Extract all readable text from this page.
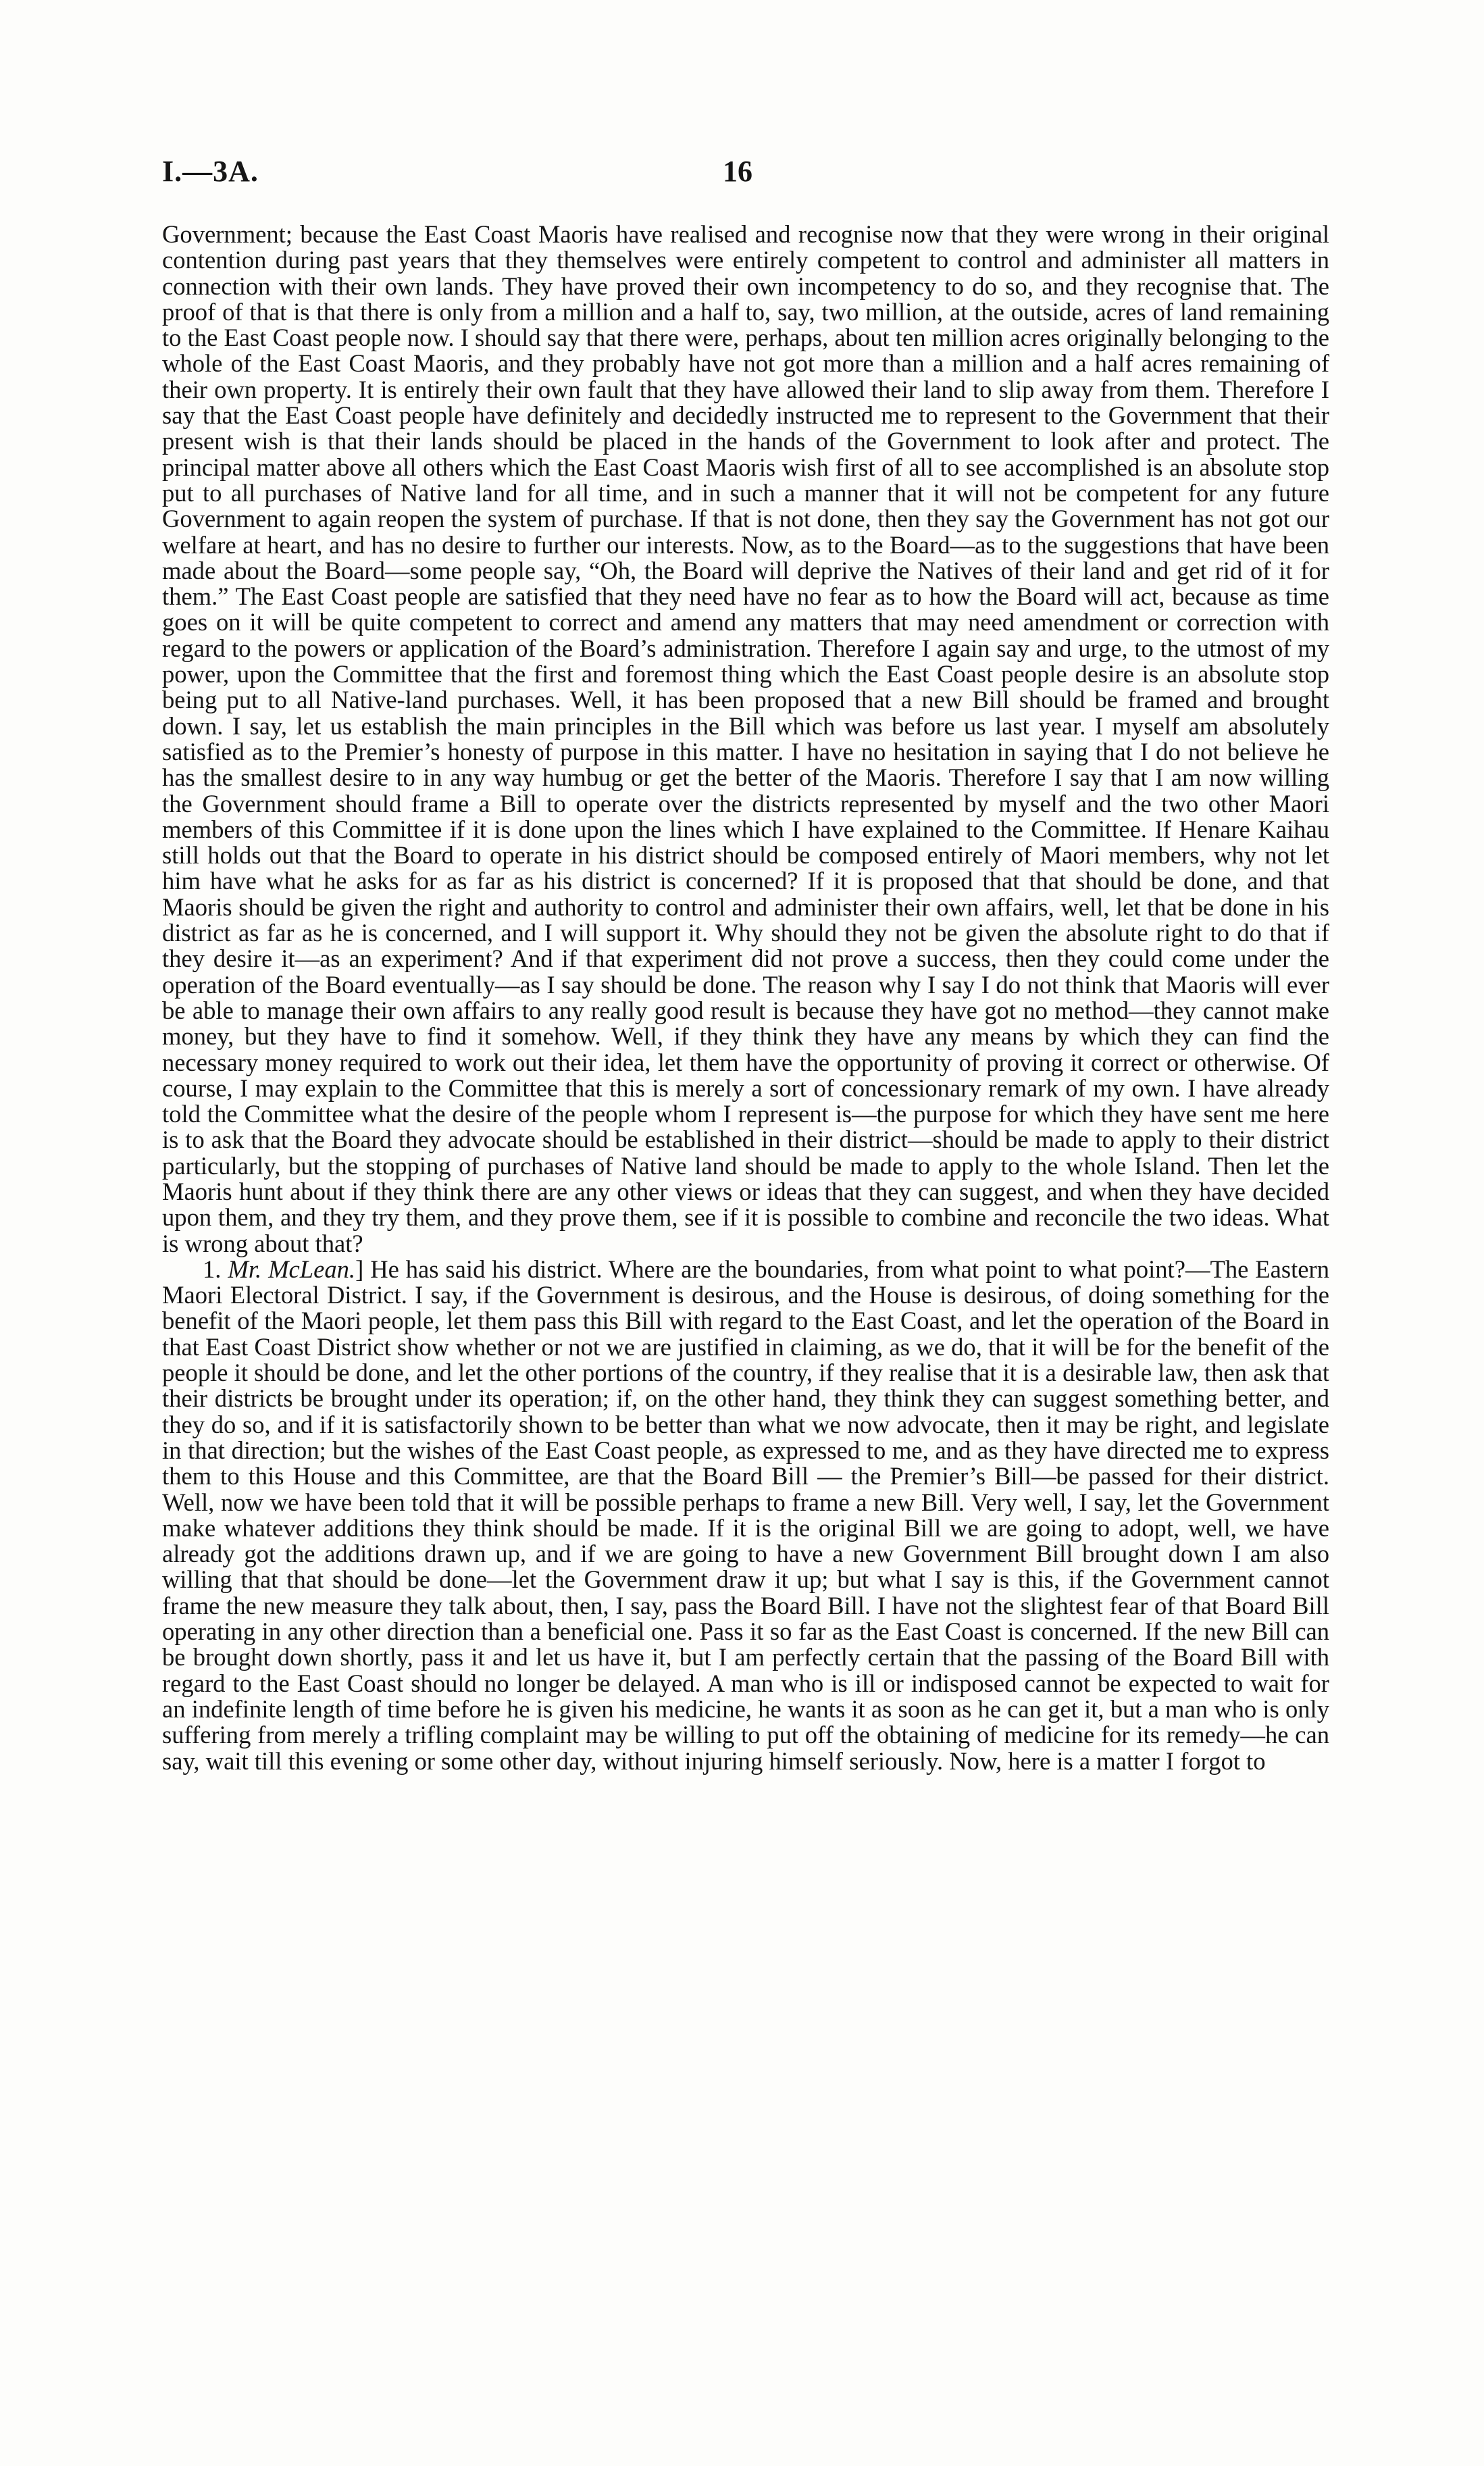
I.—3A.	16

Government; because the East Coast Maoris have realised and recognise now that they were wrong in their original contention during past years that they themselves were entirely competent to control and administer all matters in connection with their own lands. They have proved their own incompetency to do so, and they recognise that. The proof of that is that there is only from a million and a half to, say, two million, at the outside, acres of land remaining to the East Coast people now. I should say that there were, perhaps, about ten million acres originally belonging to the whole of the East Coast Maoris, and they probably have not got more than a million and a half acres remaining of their own property. It is entirely their own fault that they have allowed their land to slip away from them. Therefore I say that the East Coast people have definitely and decidedly instructed me to represent to the Government that their present wish is that their lands should be placed in the hands of the Government to look after and protect. The principal matter above all others which the East Coast Maoris wish first of all to see accomplished is an absolute stop put to all purchases of Native land for all time, and in such a manner that it will not be competent for any future Government to again reopen the system of purchase. If that is not done, then they say the Government has not got our welfare at heart, and has no desire to further our interests. Now, as to the Board—as to the suggestions that have been made about the Board—some people say, “Oh, the Board will deprive the Natives of their land and get rid of it for them.” The East Coast people are satisfied that they need have no fear as to how the Board will act, because as time goes on it will be quite competent to correct and amend any matters that may need amendment or correction with regard to the powers or application of the Board’s administration. Therefore I again say and urge, to the utmost of my power, upon the Committee that the first and foremost thing which the East Coast people desire is an absolute stop being put to all Native-land purchases. Well, it has been proposed that a new Bill should be framed and brought down. I say, let us establish the main principles in the Bill which was before us last year. I myself am absolutely satisfied as to the Premier’s honesty of purpose in this matter. I have no hesitation in saying that I do not believe he has the smallest desire to in any way humbug or get the better of the Maoris. Therefore I say that I am now willing the Government should frame a Bill to operate over the districts represented by myself and the two other Maori members of this Committee if it is done upon the lines which I have explained to the Committee. If Henare Kaihau still holds out that the Board to operate in his district should be composed entirely of Maori members, why not let him have what he asks for as far as his district is concerned? If it is proposed that that should be done, and that Maoris should be given the right and authority to control and administer their own affairs, well, let that be done in his district as far as he is concerned, and I will support it. Why should they not be given the absolute right to do that if they desire it—as an experiment? And if that experiment did not prove a success, then they could come under the operation of the Board eventually—as I say should be done. The reason why I say I do not think that Maoris will ever be able to manage their own affairs to any really good result is because they have got no method—they cannot make money, but they have to find it somehow. Well, if they think they have any means by which they can find the necessary money required to work out their idea, let them have the opportunity of proving it correct or otherwise. Of course, I may explain to the Committee that this is merely a sort of concessionary remark of my own. I have already told the Committee what the desire of the people whom I represent is—the purpose for which they have sent me here is to ask that the Board they advocate should be established in their district—should be made to apply to their district particularly, but the stopping of purchases of Native land should be made to apply to the whole Island. Then let the Maoris hunt about if they think there are any other views or ideas that they can suggest, and when they have decided upon them, and they try them, and they prove them, see if it is possible to combine and reconcile the two ideas. What is wrong about that?

1. Mr. McLean.] He has said his district. Where are the boundaries, from what point to what point?—The Eastern Maori Electoral District. I say, if the Government is desirous, and the House is desirous, of doing something for the benefit of the Maori people, let them pass this Bill with regard to the East Coast, and let the operation of the Board in that East Coast District show whether or not we are justified in claiming, as we do, that it will be for the benefit of the people it should be done, and let the other portions of the country, if they realise that it is a desirable law, then ask that their districts be brought under its operation; if, on the other hand, they think they can suggest something better, and they do so, and if it is satisfactorily shown to be better than what we now advocate, then it may be right, and legislate in that direction; but the wishes of the East Coast people, as expressed to me, and as they have directed me to express them to this House and this Committee, are that the Board Bill — the Premier’s Bill—be passed for their district. Well, now we have been told that it will be possible perhaps to frame a new Bill. Very well, I say, let the Government make whatever additions they think should be made. If it is the original Bill we are going to adopt, well, we have already got the additions drawn up, and if we are going to have a new Government Bill brought down I am also willing that that should be done—let the Government draw it up; but what I say is this, if the Government cannot frame the new measure they talk about, then, I say, pass the Board Bill. I have not the slightest fear of that Board Bill operating in any other direction than a beneficial one. Pass it so far as the East Coast is concerned. If the new Bill can be brought down shortly, pass it and let us have it, but I am perfectly certain that the passing of the Board Bill with regard to the East Coast should no longer be delayed. A man who is ill or indisposed cannot be expected to wait for an indefinite length of time before he is given his medicine, he wants it as soon as he can get it, but a man who is only suffering from merely a trifling complaint may be willing to put off the obtaining of medicine for its remedy—he can say, wait till this evening or some other day, without injuring himself seriously. Now, here is a matter I forgot to
